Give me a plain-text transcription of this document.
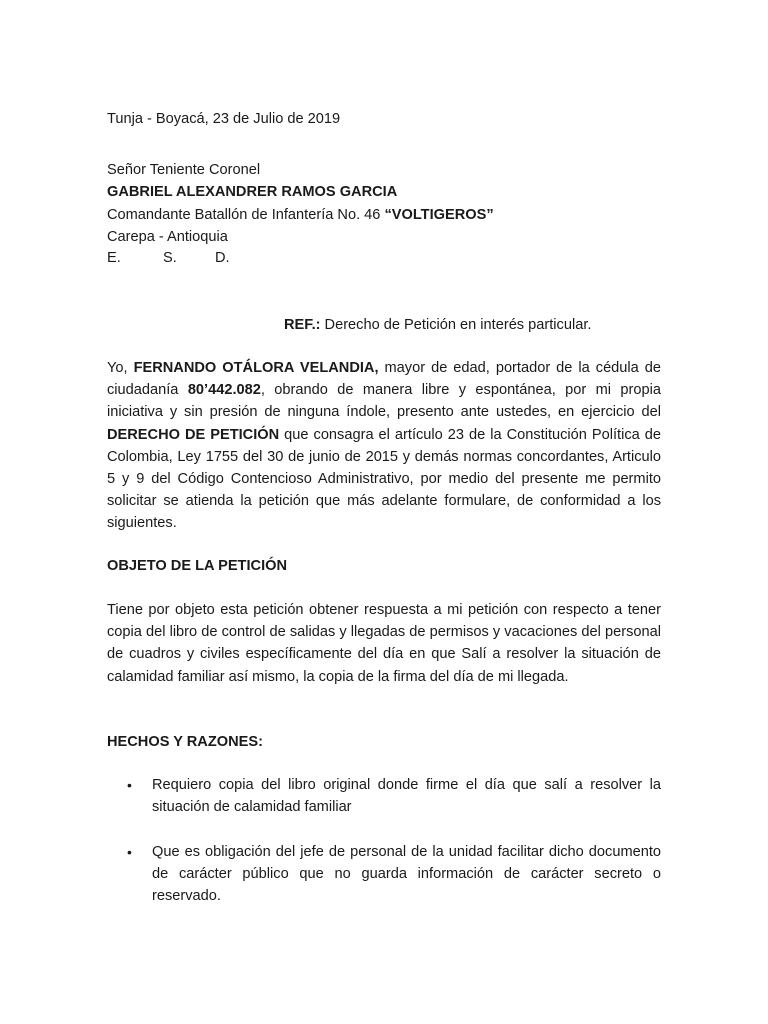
Tunja - Boyacá, 23 de Julio de 2019
Señor Teniente Coronel
GABRIEL ALEXANDRER RAMOS GARCIA
Comandante Batallón de Infantería No. 46 “VOLTIGEROS”
Carepa - Antioquia
E.	S.	D.
REF.: Derecho de Petición en interés particular.
Yo, FERNANDO OTÁLORA VELANDIA, mayor de edad, portador de la cédula de ciudadanía 80’442.082, obrando de manera libre y espontánea, por mi propia iniciativa y sin presión de ninguna índole, presento ante ustedes, en ejercicio del DERECHO DE PETICIÓN que consagra el artículo 23 de la Constitución Política de Colombia, Ley 1755 del 30 de junio de 2015 y demás normas concordantes, Articulo 5 y 9 del Código Contencioso Administrativo, por medio del presente me permito solicitar se atienda la petición que más adelante formulare, de conformidad a los siguientes.
OBJETO DE LA PETICIÓN
Tiene por objeto esta petición obtener respuesta a mi petición con respecto a tener copia del libro de control de salidas y llegadas de permisos y vacaciones del personal de cuadros y civiles específicamente del día en que Salí a resolver la situación de calamidad familiar así mismo, la copia de la firma del día de mi llegada.
HECHOS Y RAZONES:
•	Requiero copia del libro original donde firme el día que salí a resolver la situación de calamidad familiar
•	Que es obligación del jefe de personal de la unidad facilitar dicho documento de carácter público que no guarda información de carácter secreto o reservado.
